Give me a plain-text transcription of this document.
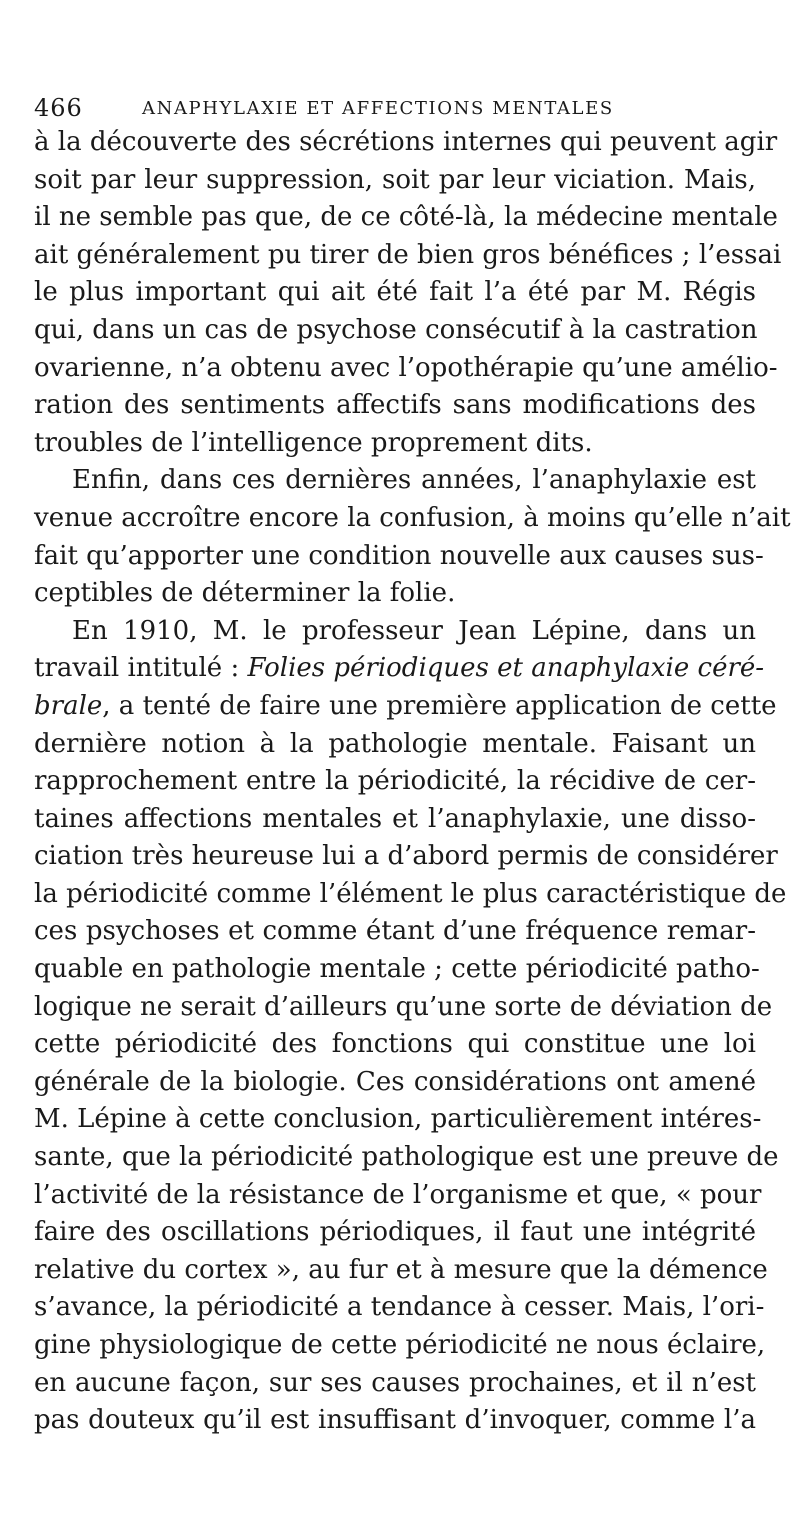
466	ANAPHYLAXIE ET AFFECTIONS MENTALES
à la découverte des sécrétions internes qui peuvent agir
soit par leur suppression, soit par leur viciation. Mais,
il ne semble pas que, de ce côté-là, la médecine mentale
ait généralement pu tirer de bien gros bénéfices ; l’essai
le plus important qui ait été fait l’a été par M. Régis
qui, dans un cas de psychose consécutif à la castration
ovarienne, n’a obtenu avec l’opothérapie qu’une amélio-
ration des sentiments affectifs sans modifications des
troubles de l’intelligence proprement dits.
Enfin, dans ces dernières années, l’anaphylaxie est
venue accroître encore la confusion, à moins qu’elle n’ait
fait qu’apporter une condition nouvelle aux causes sus-
ceptibles de déterminer la folie.
En 1910, M. le professeur Jean Lépine, dans un
travail intitulé : Folies périodiques et anaphylaxie céré-
brale, a tenté de faire une première application de cette
dernière notion à la pathologie mentale. Faisant un
rapprochement entre la périodicité, la récidive de cer-
taines affections mentales et l’anaphylaxie, une disso-
ciation très heureuse lui a d’abord permis de considérer
la périodicité comme l’élément le plus caractéristique de
ces psychoses et comme étant d’une fréquence remar-
quable en pathologie mentale ; cette périodicité patho-
logique ne serait d’ailleurs qu’une sorte de déviation de
cette périodicité des fonctions qui constitue une loi
générale de la biologie. Ces considérations ont amené
M. Lépine à cette conclusion, particulièrement intéres-
sante, que la périodicité pathologique est une preuve de
l’activité de la résistance de l’organisme et que, « pour
faire des oscillations périodiques, il faut une intégrité
relative du cortex », au fur et à mesure que la démence
s’avance, la périodicité a tendance à cesser. Mais, l’ori-
gine physiologique de cette périodicité ne nous éclaire,
en aucune façon, sur ses causes prochaines, et il n’est
pas douteux qu’il est insuffisant d’invoquer, comme l’a
